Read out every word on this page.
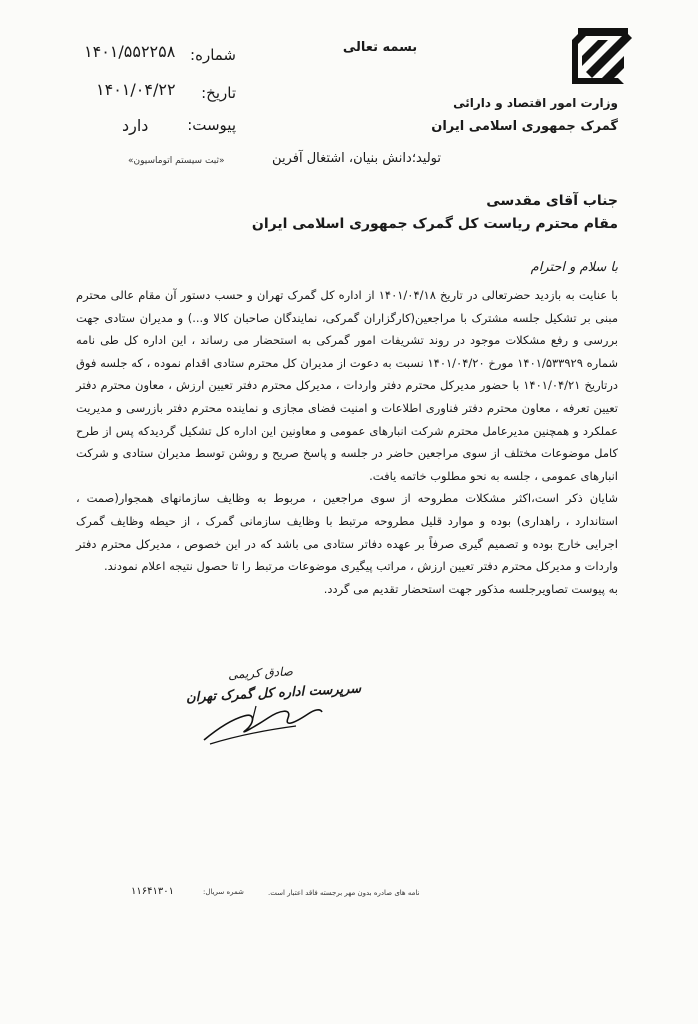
وزارت امور اقتصاد و دارائی
گمرک جمهوری اسلامی ایران
بسمه تعالی
شماره:
۱۴۰۱/۵۵۲۲۵۸
تاریخ:
۱۴۰۱/۰۴/۲۲
پیوست:
دارد
«ثبت سیستم اتوماسیون»	تولید؛دانش بنیان، اشتغال آفرین
جناب آقای مقدسی
مقام محترم ریاست کل گمرک جمهوری اسلامی ایران
با سلام و احترام

با عنایت به بازدید حضرتعالی در تاریخ ۱۴۰۱/۰۴/۱۸ از اداره کل گمرک تهران و حسب دستور آن مقام عالی محترم مبنی بر تشکیل جلسه مشترک با مراجعین(کارگزاران گمرکی، نمایندگان صاحبان کالا و...) و مدیران ستادی جهت بررسی و رفع مشکلات موجود در روند تشریفات امور گمرکی به استحضار می رساند ، این اداره کل طی نامه شماره ۱۴۰۱/۵۳۳۹۲۹ مورخ ۱۴۰۱/۰۴/۲۰ نسبت به دعوت از مدیران کل محترم ستادی اقدام نموده ، که جلسه فوق درتاریخ ۱۴۰۱/۰۴/۲۱ با حضور مدیرکل محترم دفتر واردات ، مدیرکل محترم دفتر تعیین ارزش ، معاون محترم دفتر تعیین تعرفه ، معاون محترم دفتر فناوری اطلاعات و امنیت فضای مجازی و نماینده محترم دفتر بازرسی و مدیریت عملکرد و همچنین مدیرعامل محترم شرکت انبارهای عمومی و معاونین این اداره کل تشکیل گردیدکه پس از طرح کامل موضوعات مختلف از سوی مراجعین حاضر در جلسه و پاسخ صریح و روشن توسط مدیران ستادی و شرکت انبارهای عمومی ، جلسه به نحو مطلوب خاتمه یافت.

شایان ذکر است،اکثر مشکلات مطروحه از سوی مراجعین ، مربوط به وظایف سازمانهای همجوار(صمت ، استاندارد ، راهداری) بوده و موارد قلیل مطروحه مرتبط با وظایف سازمانی گمرک ، از حیطه وظایف گمرک اجرایی خارج بوده و تصمیم گیری صرفاً بر عهده دفاتر ستادی می باشد که در این خصوص ، مدیرکل محترم دفتر واردات و مدیرکل محترم دفتر تعیین ارزش ، مراتب پیگیری موضوعات مرتبط را تا حصول نتیجه اعلام نمودند.

به پیوست تصاویرجلسه مذکور جهت استحضار تقدیم می گردد.
صادق کریمی
سرپرست اداره کل گمرک تهران
نامه های صادره بدون مهر برجسته فاقد اعتبار است.
شمره سریال:
۱۱۶۴۱۳۰۱
